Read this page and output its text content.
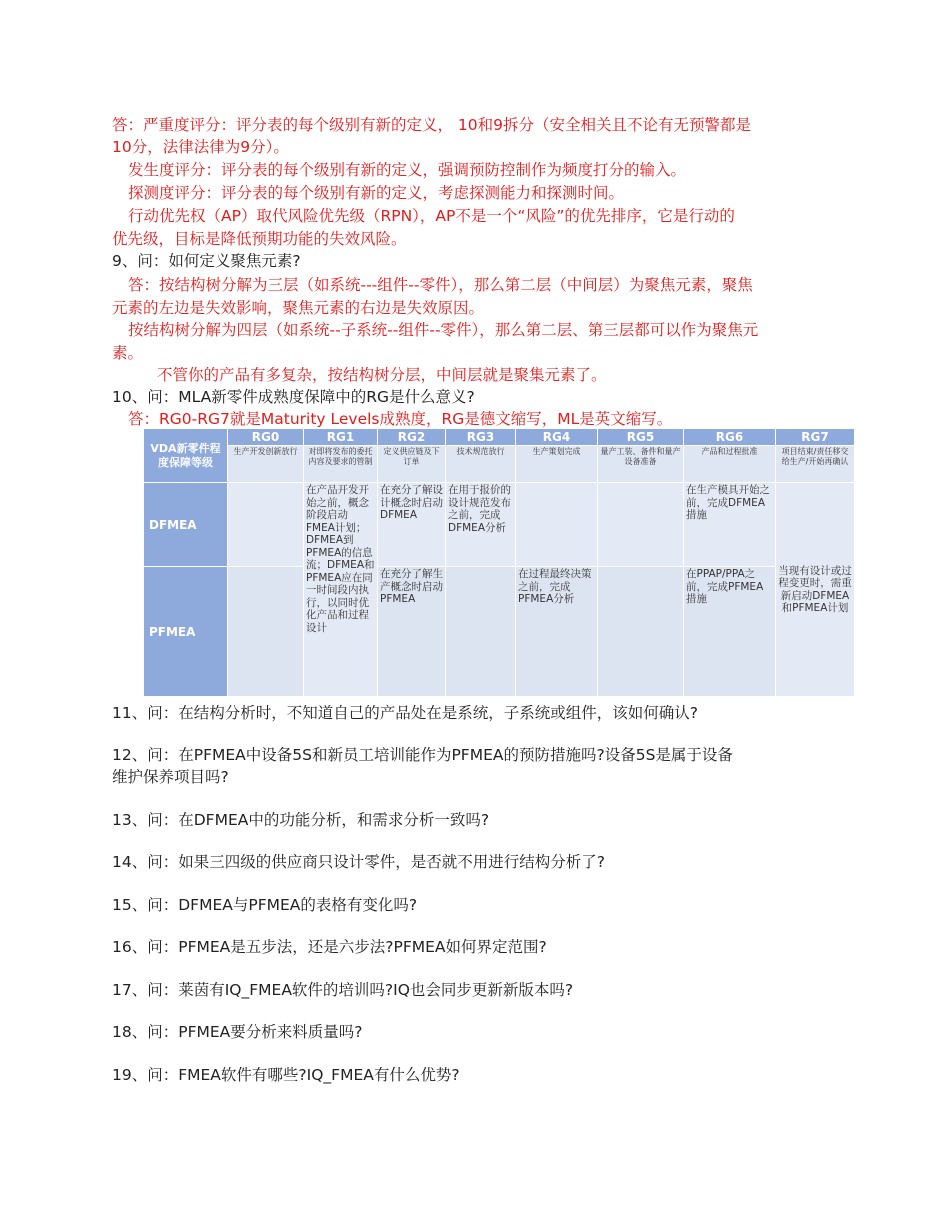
答：严重度评分：评分表的每个级别有新的定义， 10和9拆分（安全相关且不论有无预警都是
10分，法律法律为9分）。
发生度评分：评分表的每个级别有新的定义，强调预防控制作为频度打分的输入。
探测度评分：评分表的每个级别有新的定义，考虑探测能力和探测时间。
行动优先权（AP）取代风险优先级（RPN），AP不是一个“风险”的优先排序，它是行动的
优先级，目标是降低预期功能的失效风险。
9、问：如何定义聚焦元素?
答：按结构树分解为三层（如系统---组件--零件），那么第二层（中间层）为聚焦元素，聚焦
元素的左边是失效影响，聚焦元素的右边是失效原因。
按结构树分解为四层（如系统--子系统--组件--零件），那么第二层、第三层都可以作为聚焦元
素。
不管你的产品有多复杂，按结构树分层，中间层就是聚集元素了。
10、问：MLA新零件成熟度保障中的RG是什么意义?
答：RG0-RG7就是Maturity Levels成熟度，RG是德文缩写，ML是英文缩写。
VDA新零件程度保障等级	RG0	RG1	RG2	RG3	RG4	RG5	RG6	RG7
	生产开发创新放行	对即将发布的委托内容及要求的管制	定义供应链及下订单	技术规范放行	生产策划完成	量产工装、备件和量产设备准备	产品和过程批准	项目结束/责任移交给生产/开始再确认
DFMEA		在产品开发开始之前，概念阶段启动FMEA计划；DFMEA到PFMEA的信息流；DFMEA和PFMEA应在同一时间段内执行，以同时优化产品和过程设计	在充分了解设计概念时启动DFMEA	在用于报价的设计规范发布之前，完成DFMEA分析			在生产模具开始之前，完成DFMEA措施	当现有设计或过程变更时，需重新启动DFMEA和PFMEA计划
PFMEA			在充分了解生产概念时启动PFMEA		在过程最终决策之前，完成PFMEA分析		在PPAP/PPA之前，完成PFMEA措施	
11、问：在结构分析时，不知道自己的产品处在是系统，子系统或组件，该如何确认?
12、问：在PFMEA中设备5S和新员工培训能作为PFMEA的预防措施吗?设备5S是属于设备
维护保养项目吗?
13、问：在DFMEA中的功能分析，和需求分析一致吗?
14、问：如果三四级的供应商只设计零件，是否就不用进行结构分析了?
15、问：DFMEA与PFMEA的表格有变化吗?
16、问：PFMEA是五步法，还是六步法?PFMEA如何界定范围?
17、问：莱茵有IQ_FMEA软件的培训吗?IQ也会同步更新新版本吗?
18、问：PFMEA要分析来料质量吗?
19、问：FMEA软件有哪些?IQ_FMEA有什么优势?
